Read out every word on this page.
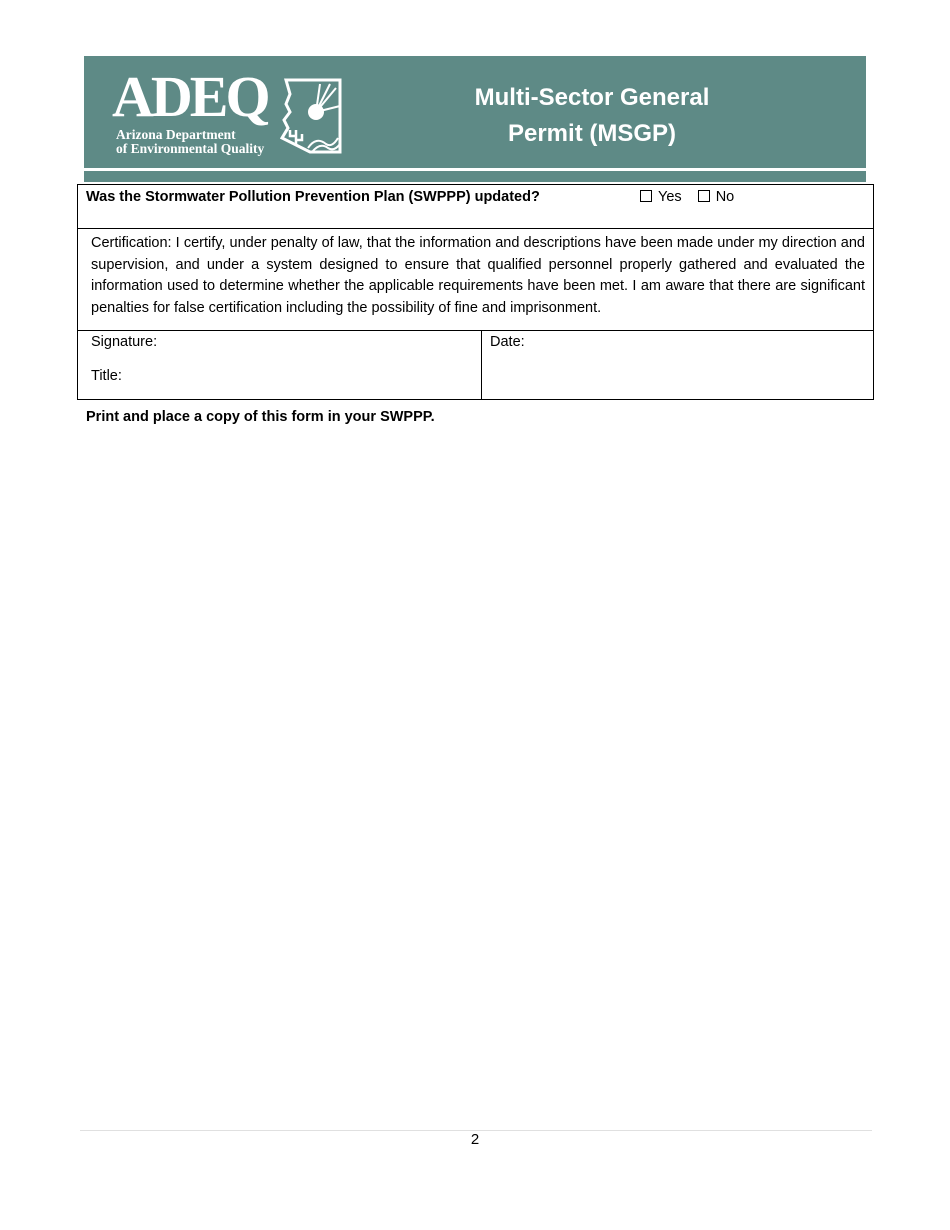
ADEQ
Arizona Department
of Environmental Quality
Multi-Sector General
Permit (MSGP)
Was the Stormwater Pollution Prevention Plan (SWPPP) updated?	Yes No
Certification: I certify, under penalty of law, that the information and descriptions have been made under my direction and supervision, and under a system designed to ensure that qualified personnel properly gathered and evaluated the information used to determine whether the applicable requirements have been met. I am aware that there are significant penalties for false certification including the possibility of fine and imprisonment.
Signature:
Title:
Date:
Print and place a copy of this form in your SWPPP.
2
